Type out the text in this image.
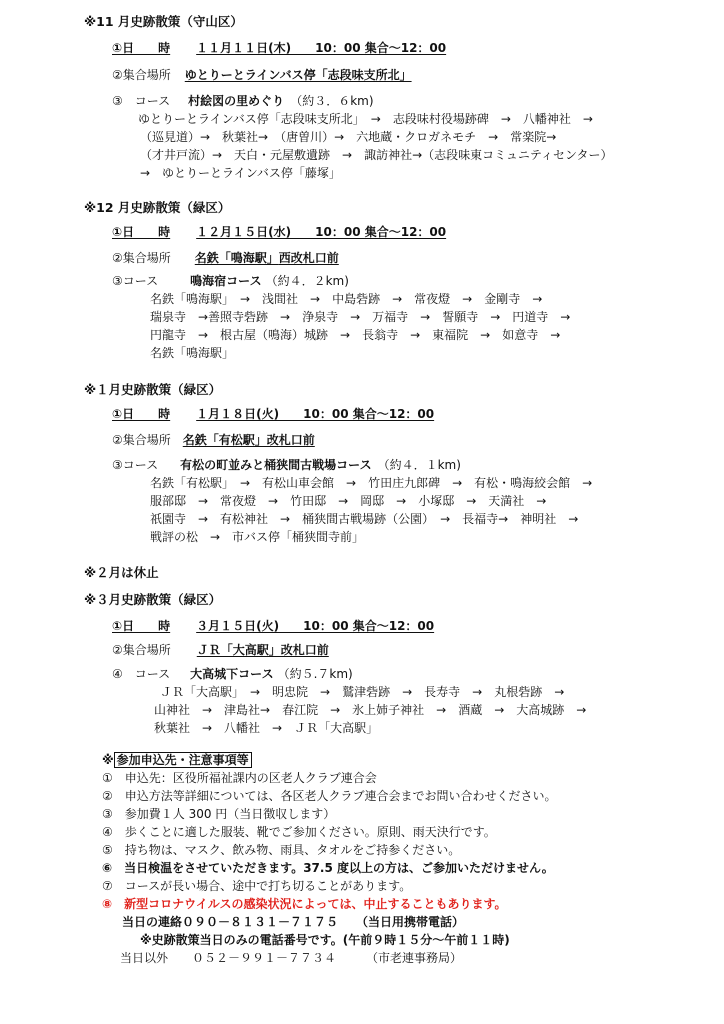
※11 月史跡散策（守山区）
①日　　時 １１月１１日(木)　　10：00 集合～12：00
②集合場所 ゆとりーとラインバス停「志段味支所北」
③　コース 村絵図の里めぐり （約３．６km)
ゆとりーとラインバス停「志段味支所北」　→　志段味村役場跡碑　→　八幡神社　→
（巡見道）→　秋葉社→　（唐曽川）→　六地蔵・クロガネモチ　→　常楽院→
（才井戸流）→　天白・元屋敷遺跡　→　諏訪神社→（志段味東コミュニティセンター）
→　ゆとりーとラインバス停「藤塚」
※12 月史跡散策（緑区）
①日　　時 １２月１５日(水)　　10：00 集合～12：00
②集合場所 名鉄「鳴海駅」西改札口前
③コース	鳴海宿コース （約４．２km)
名鉄「鳴海駅」　→　浅間社　→　中島砦跡　→　常夜燈　→　金剛寺　→
瑞泉寺　→善照寺砦跡　→　浄泉寺　→　万福寺　→　誓願寺　→　円道寺　→
円龍寺　→　根古屋（鳴海）城跡　→　長翁寺　→　東福院　→　如意寺　→
名鉄「鳴海駅」
※１月史跡散策（緑区）
①日　　時 １月１８日(火)　　10：00 集合～12：00
②集合場所 名鉄「有松駅」改札口前
③コース 有松の町並みと桶狭間古戦場コース （約４．１km)
名鉄「有松駅」　→　有松山車会館　→　竹田庄九郎碑　→　有松・鳴海絞会館　→
服部邸　→　常夜燈　→　竹田邸　→　岡邸　→　小塚邸　→　天満社　→
祇園寺　→　有松神社　→　桶狭間古戦場跡（公園）　→　長福寺→　神明社　→
戦評の松　→　市バス停「桶狭間寺前」
※２月は休止
※３月史跡散策（緑区）
①日　　時 ３月１５日(火)　　10：00 集合～12：00
②集合場所 ＪＲ「大高駅」改札口前
④　コース 大高城下コース （約５.７km)
ＪＲ「大高駅」　→　明忠院　→　鷲津砦跡　→　長寿寺　→　丸根砦跡　→
山神社　→　津島社→　春江院　→　氷上姉子神社　→　酒蔵　→　大高城跡　→
秋葉社　→　八幡社　→　ＪＲ「大高駅」
※ 参加申込先・注意事項等
①　申込先：区役所福祉課内の区老人クラブ連合会
②　申込方法等詳細については、各区老人クラブ連合会までお問い合わせください。
③　参加費１人 300 円（当日徴収します）
④　歩くことに適した服装、靴でご参加ください。原則、雨天決行です。
⑤　持ち物は、マスク、飲み物、雨具、タオルをご持参ください。
⑥　当日検温をさせていただきます。37.5 度以上の方は、ご参加いただけません。
⑦　コースが長い場合、途中で打ち切ることがあります。
⑧　新型コロナウイルスの感染状況によっては、中止することもあります。
当日の連絡０９０－８１３１－７１７５　　（当日用携帯電話）
※史跡散策当日のみの電話番号です。(午前９時１５分～午前１１時)
当日以外　　０５２－９９１－７７３４　　　（市老連事務局）
